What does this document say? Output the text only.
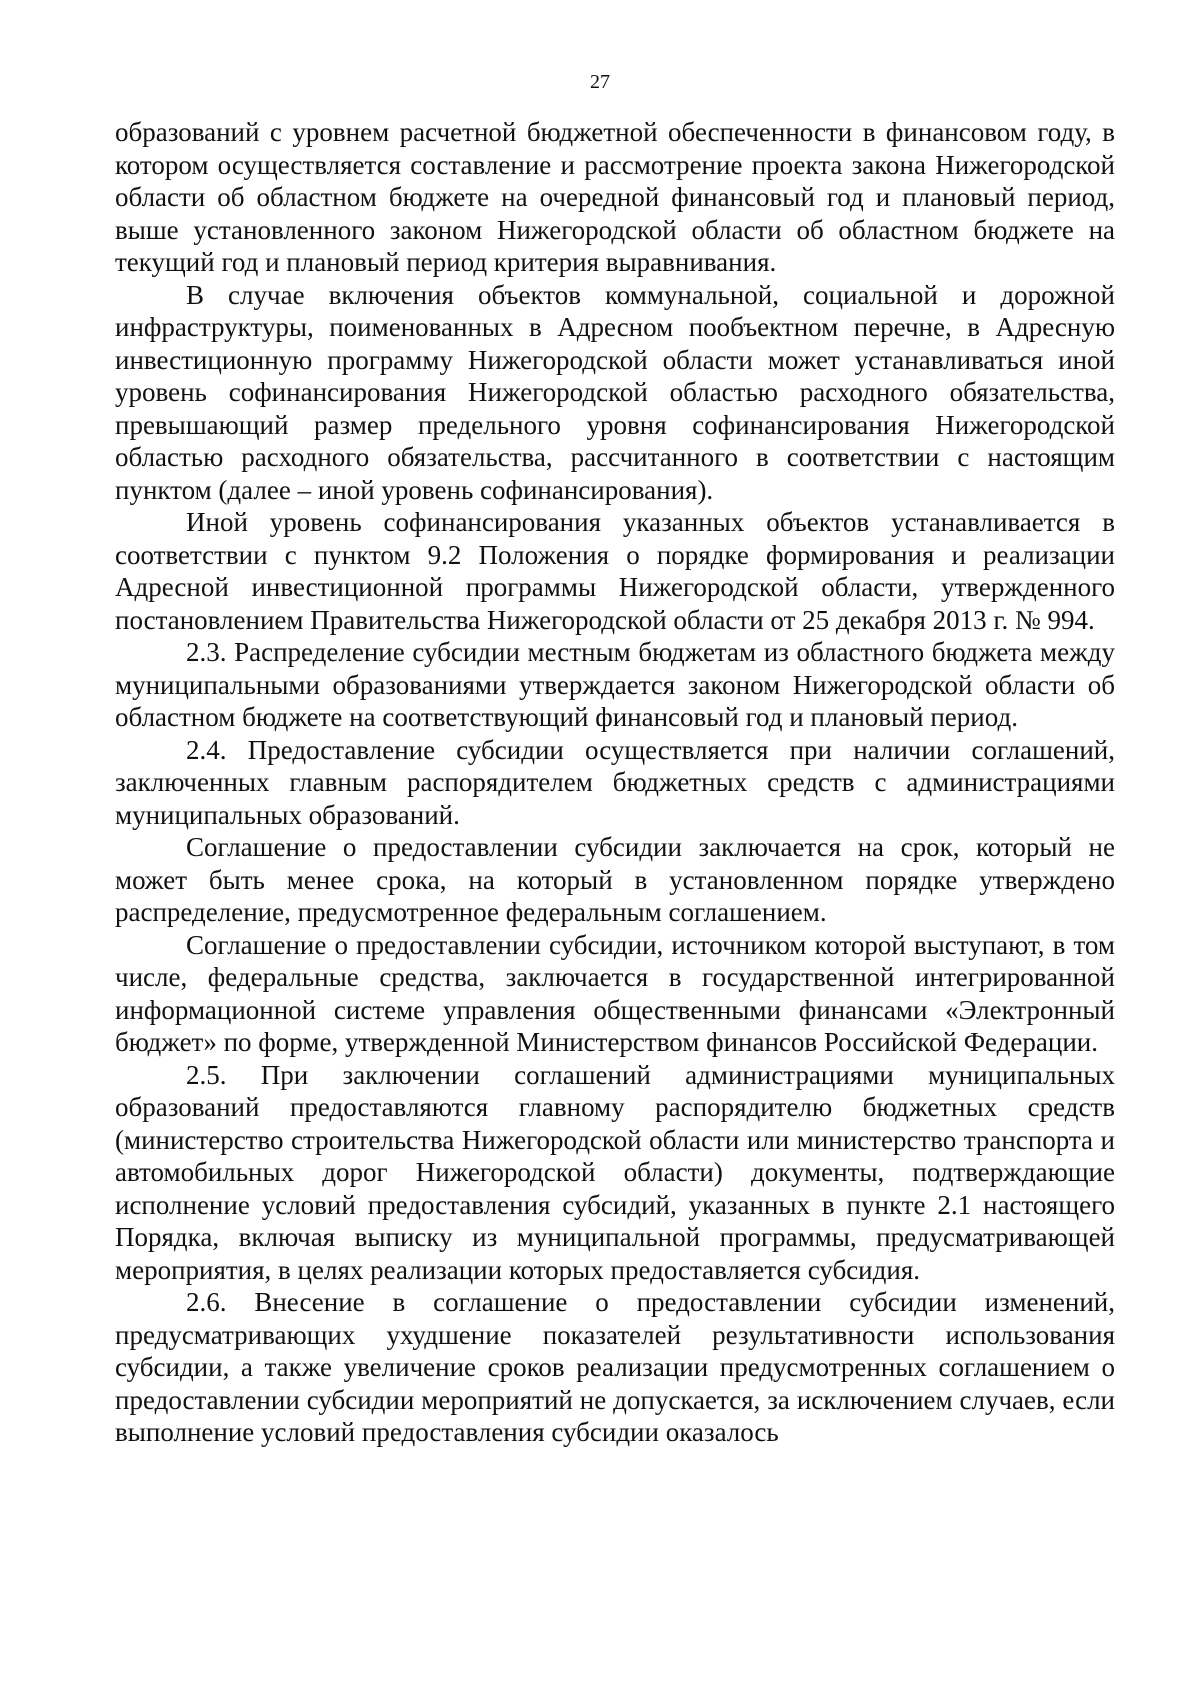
27

образований с уровнем расчетной бюджетной обеспеченности в финансовом году, в котором осуществляется составление и рассмотрение проекта закона Нижегородской области об областном бюджете на очередной финансовый год и плановый период, выше установленного законом Нижегородской области об областном бюджете на текущий год и плановый период критерия выравнивания.

В случае включения объектов коммунальной, социальной и дорожной инфраструктуры, поименованных в Адресном пообъектном перечне, в Адресную инвестиционную программу Нижегородской области может устанавливаться иной уровень софинансирования Нижегородской областью расходного обязательства, превышающий размер предельного уровня софинансирования Нижегородской областью расходного обязательства, рассчитанного в соответствии с настоящим пунктом (далее – иной уровень софинансирования).

Иной уровень софинансирования указанных объектов устанавливается в соответствии с пунктом 9.2 Положения о порядке формирования и реализации Адресной инвестиционной программы Нижегородской области, утвержденного постановлением Правительства Нижегородской области от 25 декабря 2013 г. № 994.

2.3. Распределение субсидии местным бюджетам из областного бюджета между муниципальными образованиями утверждается законом Нижегородской области об областном бюджете на соответствующий финансовый год и плановый период.

2.4. Предоставление субсидии осуществляется при наличии соглашений, заключенных главным распорядителем бюджетных средств с администрациями муниципальных образований.

Соглашение о предоставлении субсидии заключается на срок, который не может быть менее срока, на который в установленном порядке утверждено распределение, предусмотренное федеральным соглашением.

Соглашение о предоставлении субсидии, источником которой выступают, в том числе, федеральные средства, заключается в государственной интегрированной информационной системе управления общественными финансами «Электронный бюджет» по форме, утвержденной Министерством финансов Российской Федерации.

2.5. При заключении соглашений администрациями муниципальных образований предоставляются главному распорядителю бюджетных средств (министерство строительства Нижегородской области или министерство транспорта и автомобильных дорог Нижегородской области) документы, подтверждающие исполнение условий предоставления субсидий, указанных в пункте 2.1 настоящего Порядка, включая выписку из муниципальной программы, предусматривающей мероприятия, в целях реализации которых предоставляется субсидия.

2.6. Внесение в соглашение о предоставлении субсидии изменений, предусматривающих ухудшение показателей результативности использования субсидии, а также увеличение сроков реализации предусмотренных соглашением о предоставлении субсидии мероприятий не допускается, за исключением случаев, если выполнение условий предоставления субсидии оказалось
